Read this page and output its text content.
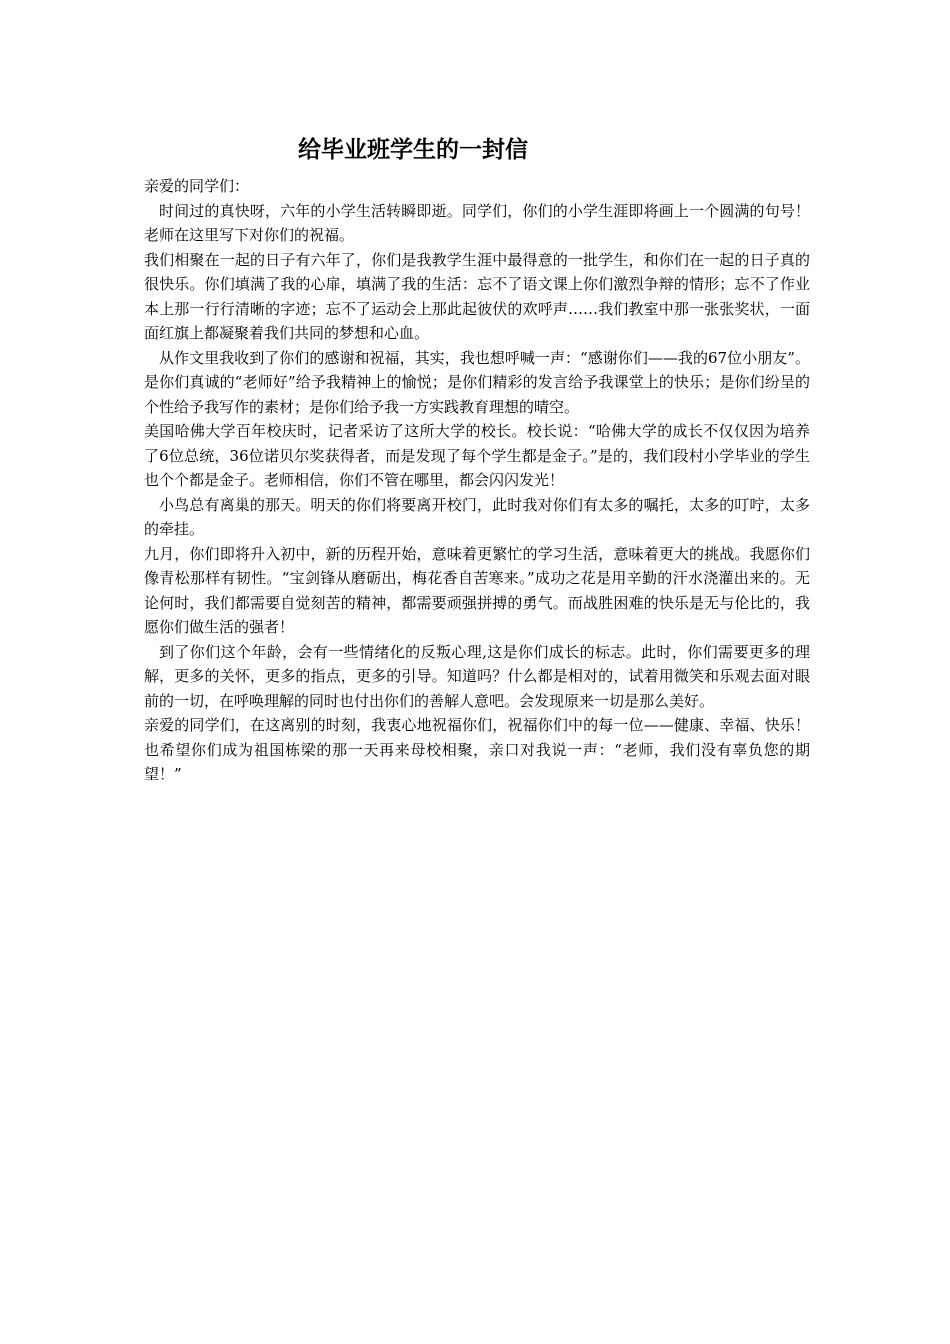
给毕业班学生的一封信

亲爱的同学们：

时间过的真快呀，六年的小学生活转瞬即逝。同学们，你们的小学生涯即将画上一个圆满的句号！老师在这里写下对你们的祝福。

我们相聚在一起的日子有六年了，你们是我教学生涯中最得意的一批学生，和你们在一起的日子真的很快乐。你们填满了我的心扉，填满了我的生活：忘不了语文课上你们激烈争辩的情形；忘不了作业本上那一行行清晰的字迹；忘不了运动会上那此起彼伏的欢呼声……我们教室中那一张张奖状，一面面红旗上都凝聚着我们共同的梦想和心血。

从作文里我收到了你们的感谢和祝福，其实，我也想呼喊一声：“感谢你们——我的67位小朋友”。是你们真诚的“老师好”给予我精神上的愉悦；是你们精彩的发言给予我课堂上的快乐；是你们纷呈的个性给予我写作的素材；是你们给予我一方实践教育理想的晴空。

美国哈佛大学百年校庆时，记者采访了这所大学的校长。校长说：“哈佛大学的成长不仅仅因为培养了6位总统，36位诺贝尔奖获得者，而是发现了每个学生都是金子。”是的，我们段村小学毕业的学生也个个都是金子。老师相信，你们不管在哪里，都会闪闪发光！

小鸟总有离巢的那天。明天的你们将要离开校门，此时我对你们有太多的嘱托，太多的叮咛，太多的牵挂。

九月，你们即将升入初中，新的历程开始，意味着更繁忙的学习生活，意味着更大的挑战。我愿你们像青松那样有韧性。“宝剑锋从磨砺出，梅花香自苦寒来。”成功之花是用辛勤的汗水浇灌出来的。无论何时，我们都需要自觉刻苦的精神，都需要顽强拼搏的勇气。而战胜困难的快乐是无与伦比的，我愿你们做生活的强者！

到了你们这个年龄，会有一些情绪化的反叛心理,这是你们成长的标志。此时，你们需要更多的理解，更多的关怀，更多的指点，更多的引导。知道吗？什么都是相对的，试着用微笑和乐观去面对眼前的一切，在呼唤理解的同时也付出你们的善解人意吧。会发现原来一切是那么美好。

亲爱的同学们，在这离别的时刻，我衷心地祝福你们，祝福你们中的每一位——健康、幸福、快乐！也希望你们成为祖国栋梁的那一天再来母校相聚，亲口对我说一声：“老师，我们没有辜负您的期望！”
